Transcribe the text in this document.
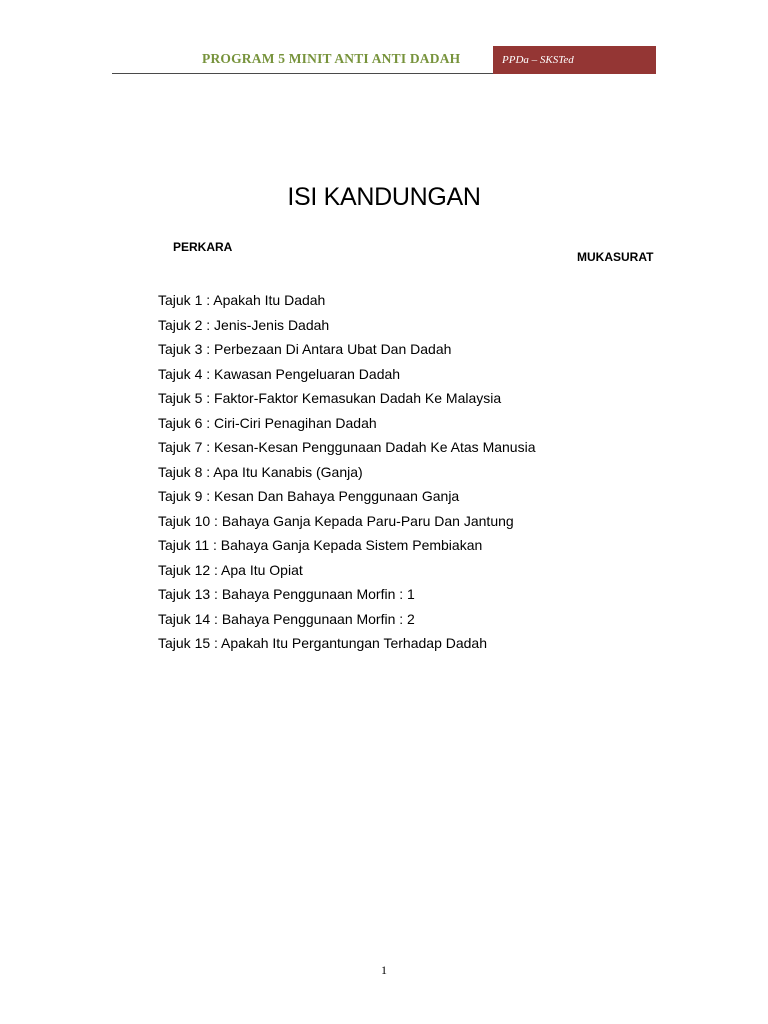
PROGRAM 5 MINIT ANTI ANTI DADAH	PPDa – SKSTed
ISI KANDUNGAN
PERKARA
MUKASURAT
Tajuk 1 : Apakah Itu Dadah
Tajuk 2 : Jenis-Jenis Dadah
Tajuk 3 : Perbezaan Di Antara Ubat Dan Dadah
Tajuk 4 : Kawasan Pengeluaran Dadah
Tajuk 5 : Faktor-Faktor Kemasukan Dadah Ke Malaysia
Tajuk 6 : Ciri-Ciri Penagihan Dadah
Tajuk 7 : Kesan-Kesan Penggunaan Dadah Ke Atas Manusia
Tajuk 8 : Apa Itu Kanabis (Ganja)
Tajuk 9 : Kesan Dan Bahaya Penggunaan Ganja
Tajuk 10 : Bahaya Ganja Kepada Paru-Paru Dan Jantung
Tajuk 11 : Bahaya Ganja Kepada Sistem Pembiakan
Tajuk 12 : Apa Itu Opiat
Tajuk 13 : Bahaya Penggunaan Morfin : 1
Tajuk 14 : Bahaya Penggunaan Morfin : 2
Tajuk 15 : Apakah Itu Pergantungan Terhadap Dadah
1
